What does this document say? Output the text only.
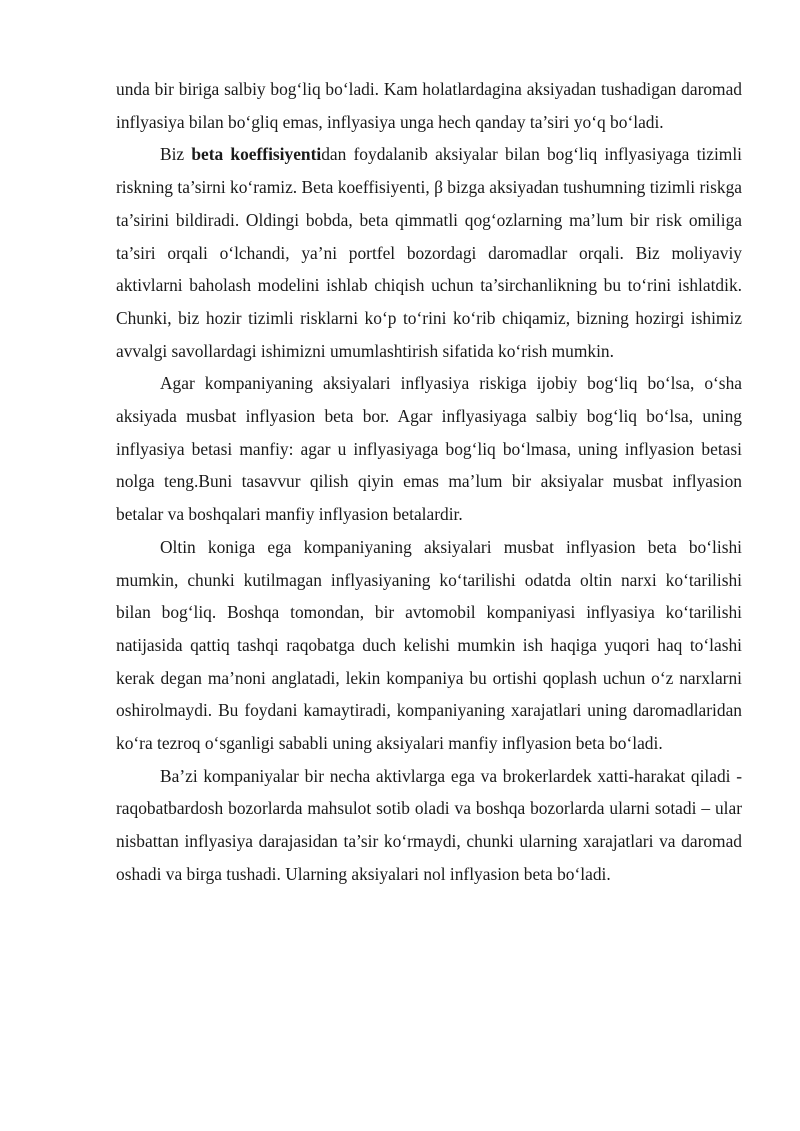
unda bir biriga salbiy bog‘liq bo‘ladi. Kam holatlardagina aksiyadan tushadigan daromad inflyasiya bilan bo‘gliq emas, inflyasiya unga hech qanday ta’siri yo‘q bo‘ladi.

Biz beta koeffisiyentidan foydalanib aksiyalar bilan bog‘liq inflyasiyaga tizimli riskning ta’sirni ko‘ramiz. Beta koeffisiyenti, β bizga aksiyadan tushumning tizimli riskga ta’sirini bildiradi. Oldingi bobda, beta qimmatli qog‘ozlarning ma’lum bir risk omiliga ta’siri orqali o‘lchandi, ya’ni portfel bozordagi daromadlar orqali. Biz moliyaviy aktivlarni baholash modelini ishlab chiqish uchun ta’sirchanlikning bu to‘rini ishlatdik. Chunki, biz hozir tizimli risklarni ko‘p to‘rini ko‘rib chiqamiz, bizning hozirgi ishimiz avvalgi savollardagi ishimizni umumlashtirish sifatida ko‘rish mumkin.

Agar kompaniyaning aksiyalari inflyasiya riskiga ijobiy bog‘liq bo‘lsa, o‘sha aksiyada musbat inflyasion beta bor. Agar inflyasiyaga salbiy bog‘liq bo‘lsa, uning inflyasiya betasi manfiy: agar u inflyasiyaga bog‘liq bo‘lmasa, uning inflyasion betasi nolga teng.Buni tasavvur qilish qiyin emas ma’lum bir aksiyalar musbat inflyasion betalar va boshqalari manfiy inflyasion betalardir.

Oltin koniga ega kompaniyaning aksiyalari musbat inflyasion beta bo‘lishi mumkin, chunki kutilmagan inflyasiyaning ko‘tarilishi odatda oltin narxi ko‘tarilishi bilan bog‘liq. Boshqa tomondan, bir avtomobil kompaniyasi inflyasiya ko‘tarilishi natijasida qattiq tashqi raqobatga duch kelishi mumkin ish haqiga yuqori haq to‘lashi kerak degan ma’noni anglatadi, lekin kompaniya bu ortishi qoplash uchun o‘z narxlarni oshirolmaydi. Bu foydani kamaytiradi, kompaniyaning xarajatlari uning daromadlaridan ko‘ra tezroq o‘sganligi sababli uning aksiyalari manfiy inflyasion beta bo‘ladi.

Ba’zi kompaniyalar bir necha aktivlarga ega va brokerlardek xatti-harakat qiladi - raqobatbardosh bozorlarda mahsulot sotib oladi va boshqa bozorlarda ularni sotadi – ular nisbattan inflyasiya darajasidan ta’sir ko‘rmaydi, chunki ularning xarajatlari va daromad oshadi va birga tushadi. Ularning aksiyalari nol inflyasion beta bo‘ladi.
